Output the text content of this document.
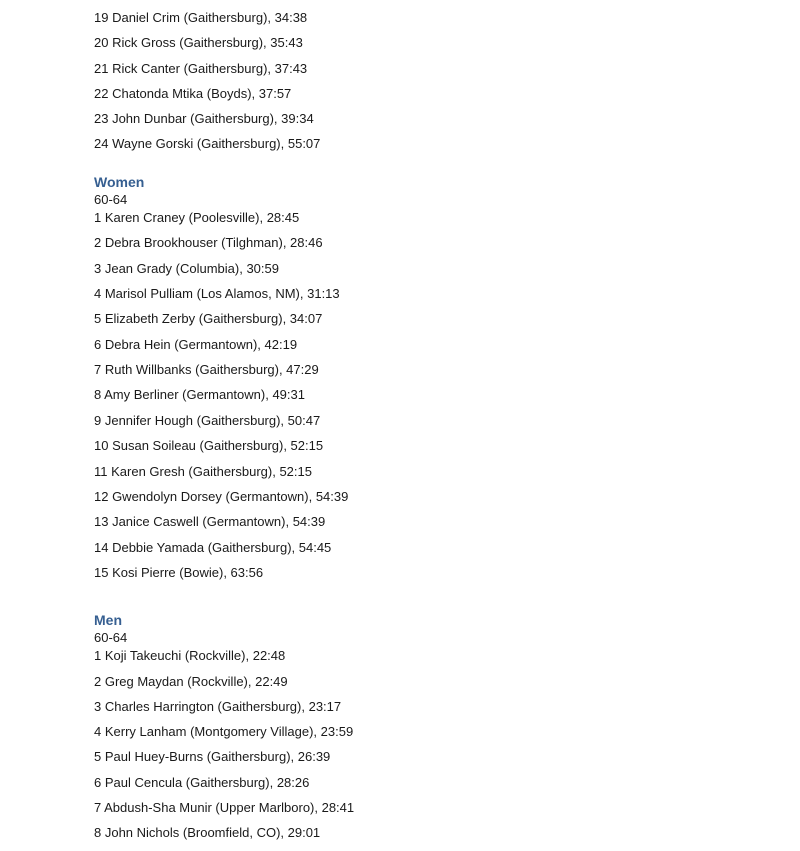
19 Daniel Crim (Gaithersburg), 34:38
20 Rick Gross (Gaithersburg), 35:43
21 Rick Canter (Gaithersburg), 37:43
22 Chatonda Mtika (Boyds), 37:57
23 John Dunbar (Gaithersburg), 39:34
24 Wayne Gorski (Gaithersburg), 55:07
Women
60-64
1 Karen Craney (Poolesville), 28:45
2 Debra Brookhouser (Tilghman), 28:46
3 Jean Grady (Columbia), 30:59
4 Marisol Pulliam (Los Alamos, NM), 31:13
5 Elizabeth Zerby (Gaithersburg), 34:07
6 Debra Hein (Germantown), 42:19
7 Ruth Willbanks (Gaithersburg), 47:29
8 Amy Berliner (Germantown), 49:31
9 Jennifer Hough (Gaithersburg), 50:47
10 Susan Soileau (Gaithersburg), 52:15
11 Karen Gresh (Gaithersburg), 52:15
12 Gwendolyn Dorsey (Germantown), 54:39
13 Janice Caswell (Germantown), 54:39
14 Debbie Yamada (Gaithersburg), 54:45
15 Kosi Pierre (Bowie), 63:56
Men
60-64
1 Koji Takeuchi (Rockville), 22:48
2 Greg Maydan (Rockville), 22:49
3 Charles Harrington (Gaithersburg), 23:17
4 Kerry Lanham (Montgomery Village), 23:59
5 Paul Huey-Burns (Gaithersburg), 26:39
6 Paul Cencula (Gaithersburg), 28:26
7 Abdush-Sha Munir (Upper Marlboro), 28:41
8 John Nichols (Broomfield, CO), 29:01
